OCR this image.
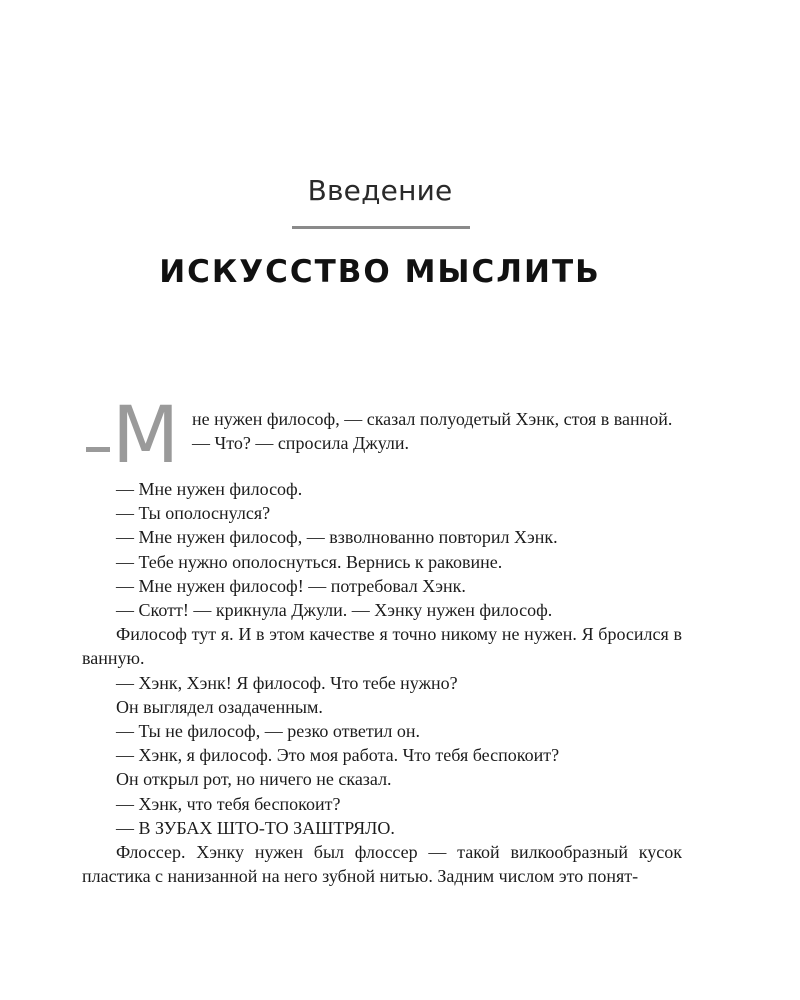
Введение
ИСКУССТВО МЫСЛИТЬ

М не нужен философ, — сказал полуодетый Хэнк, стоя в ванной.

— Что? — спросила Джули.

— Мне нужен философ.

— Ты ополоснулся?

— Мне нужен философ, — взволнованно повторил Хэнк.

— Тебе нужно ополоснуться. Вернись к раковине.

— Мне нужен философ! — потребовал Хэнк.

— Скотт! — крикнула Джули. — Хэнку нужен философ.

Философ тут я. И в этом качестве я точно никому не нужен. Я бросился в ванную.

— Хэнк, Хэнк! Я философ. Что тебе нужно?

Он выглядел озадаченным.

— Ты не философ, — резко ответил он.

— Хэнк, я философ. Это моя работа. Что тебя беспокоит?

Он открыл рот, но ничего не сказал.

— Хэнк, что тебя беспокоит?

— В ЗУБАХ ШТО-ТО ЗАШТРЯЛО.

Флоссер. Хэнку нужен был флоссер — такой вилкообразный кусок пластика с нанизанной на него зубной нитью. Задним числом это понят-
